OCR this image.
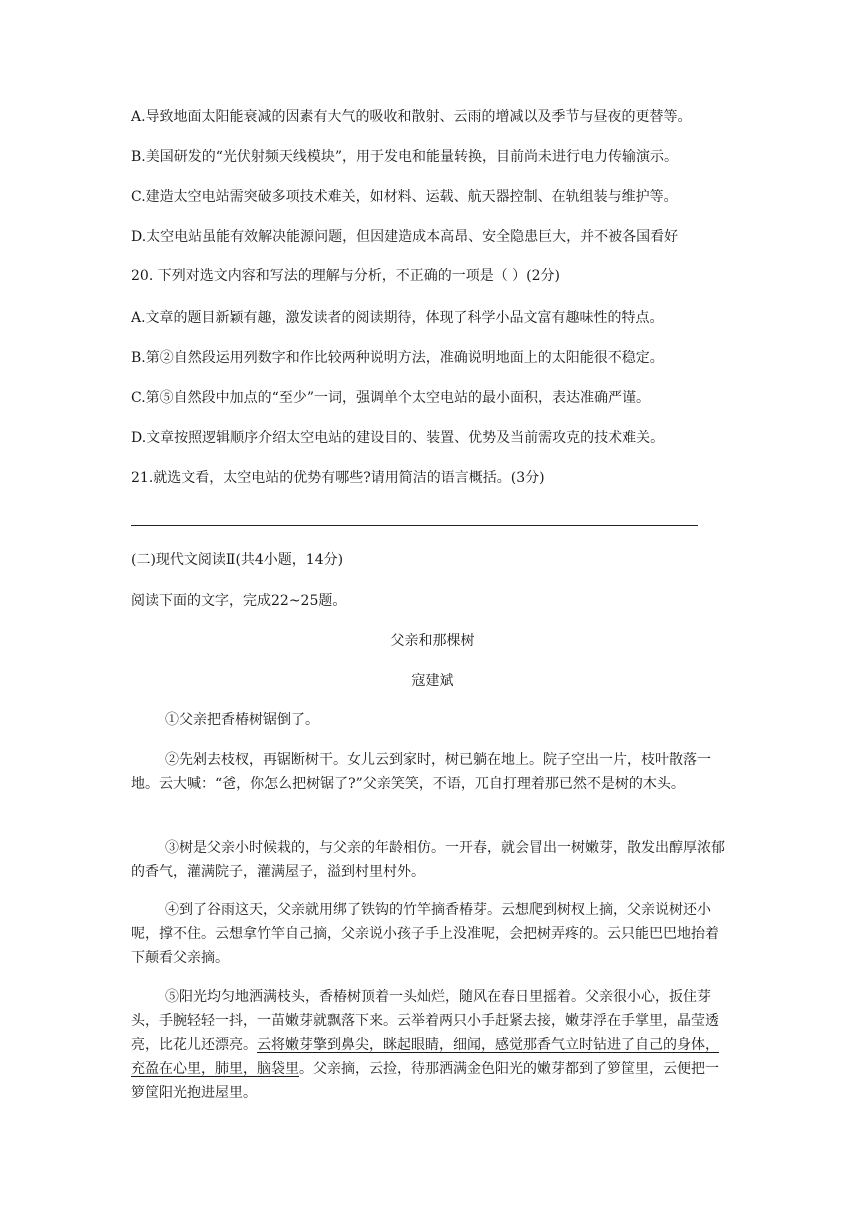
A.导致地面太阳能衰减的因素有大气的吸收和散射、云雨的增减以及季节与昼夜的更替等。
B.美国研发的“光伏射频天线模块”，用于发电和能量转换，目前尚未进行电力传输演示。
C.建造太空电站需突破多项技术难关，如材料、运载、航天器控制、在轨组装与维护等。
D.太空电站虽能有效解决能源问题，但因建造成本高昂、安全隐患巨大，并不被各国看好
20. 下列对选文内容和写法的理解与分析，不正确的一项是（ ）(2分)
A.文章的题目新颖有趣，激发读者的阅读期待，体现了科学小品文富有趣味性的特点。
B.第②自然段运用列数字和作比较两种说明方法，准确说明地面上的太阳能很不稳定。
C.第⑤自然段中加点的“至少”一词，强调单个太空电站的最小面积，表达准确严谨。
D.文章按照逻辑顺序介绍太空电站的建设目的、装置、优势及当前需攻克的技术难关。
21.就选文看，太空电站的优势有哪些?请用简洁的语言概括。(3分)
(二)现代文阅读Ⅱ(共4小题，14分)
阅读下面的文字，完成22~25题。
父亲和那棵树
寇建斌
①父亲把香椿树锯倒了。
②先剁去枝杈，再锯断树干。女儿云到家时，树已躺在地上。院子空出一片，枝叶散落一地。云大喊：“爸，你怎么把树锯了?”父亲笑笑，不语，兀自打理着那已然不是树的木头。
③树是父亲小时候栽的，与父亲的年龄相仿。一开春，就会冒出一树嫩芽，散发出醇厚浓郁的香气，灌满院子，灌满屋子，溢到村里村外。
④到了谷雨这天，父亲就用绑了铁钩的竹竿摘香椿芽。云想爬到树杈上摘，父亲说树还小呢，撑不住。云想拿竹竿自己摘，父亲说小孩子手上没准呢，会把树弄疼的。云只能巴巴地抬着下颠看父亲摘。
⑤阳光均匀地洒满枝头，香椿树顶着一头灿烂，随风在春日里摇着。父亲很小心，扳住芽头，手腕轻轻一抖，一苗嫩芽就飘落下来。云举着两只小手赶紧去接，嫩芽浮在手掌里，晶莹透亮，比花儿还漂亮。云将嫩芽擎到鼻尖，眯起眼睛，细闻，感觉那香气立时钻进了自己的身体，充盈在心里，肺里，脑袋里。父亲摘，云捡，待那洒满金色阳光的嫩芽都到了箩筐里，云便把一箩筐阳光抱进屋里。
